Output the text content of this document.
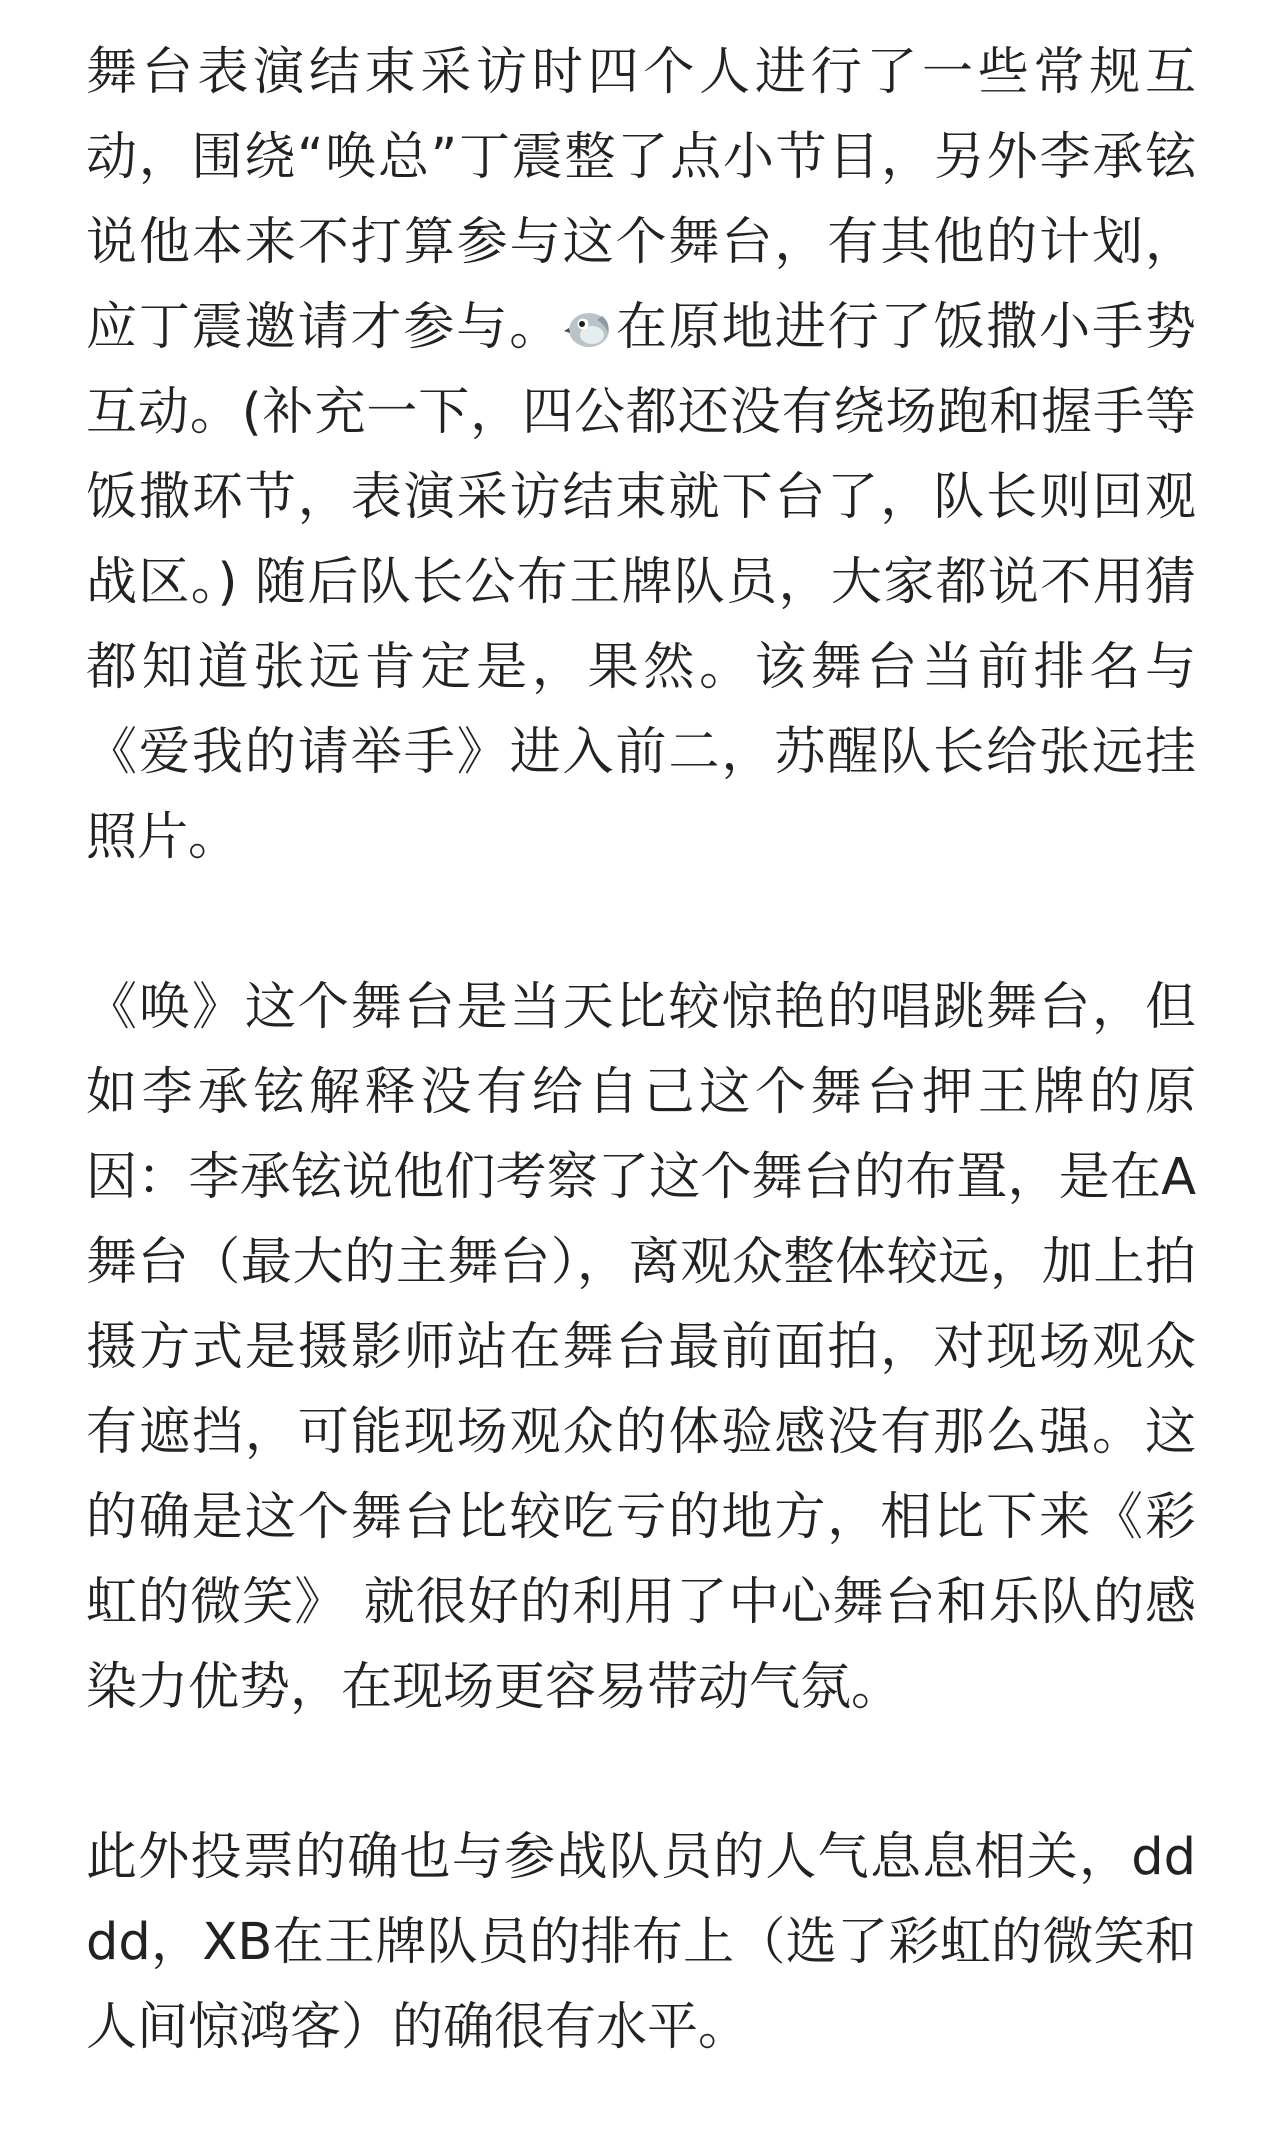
舞台表演结束采访时四个人进行了一些常规互动，围绕“唤总”丁震整了点小节目，另外李承铉说他本来不打算参与这个舞台，有其他的计划，应丁震邀请才参与。 在原地进行了饭撒小手势互动。(补充一下，四公都还没有绕场跑和握手等饭撒环节，表演采访结束就下台了，队长则回观战区。) 随后队长公布王牌队员，大家都说不用猜都知道张远肯定是，果然。该舞台当前排名与《爱我的请举手》进入前二，苏醒队长给张远挂照片。

《唤》这个舞台是当天比较惊艳的唱跳舞台，但如李承铉解释没有给自己这个舞台押王牌的原因：李承铉说他们考察了这个舞台的布置，是在A舞台（最大的主舞台），离观众整体较远，加上拍摄方式是摄影师站在舞台最前面拍，对现场观众有遮挡，可能现场观众的体验感没有那么强。这的确是这个舞台比较吃亏的地方，相比下来《彩虹的微笑》 就很好的利用了中心舞台和乐队的感染力优势，在现场更容易带动气氛。

此外投票的确也与参战队员的人气息息相关，dddd，XB在王牌队员的排布上（选了彩虹的微笑和人间惊鸿客）的确很有水平。
